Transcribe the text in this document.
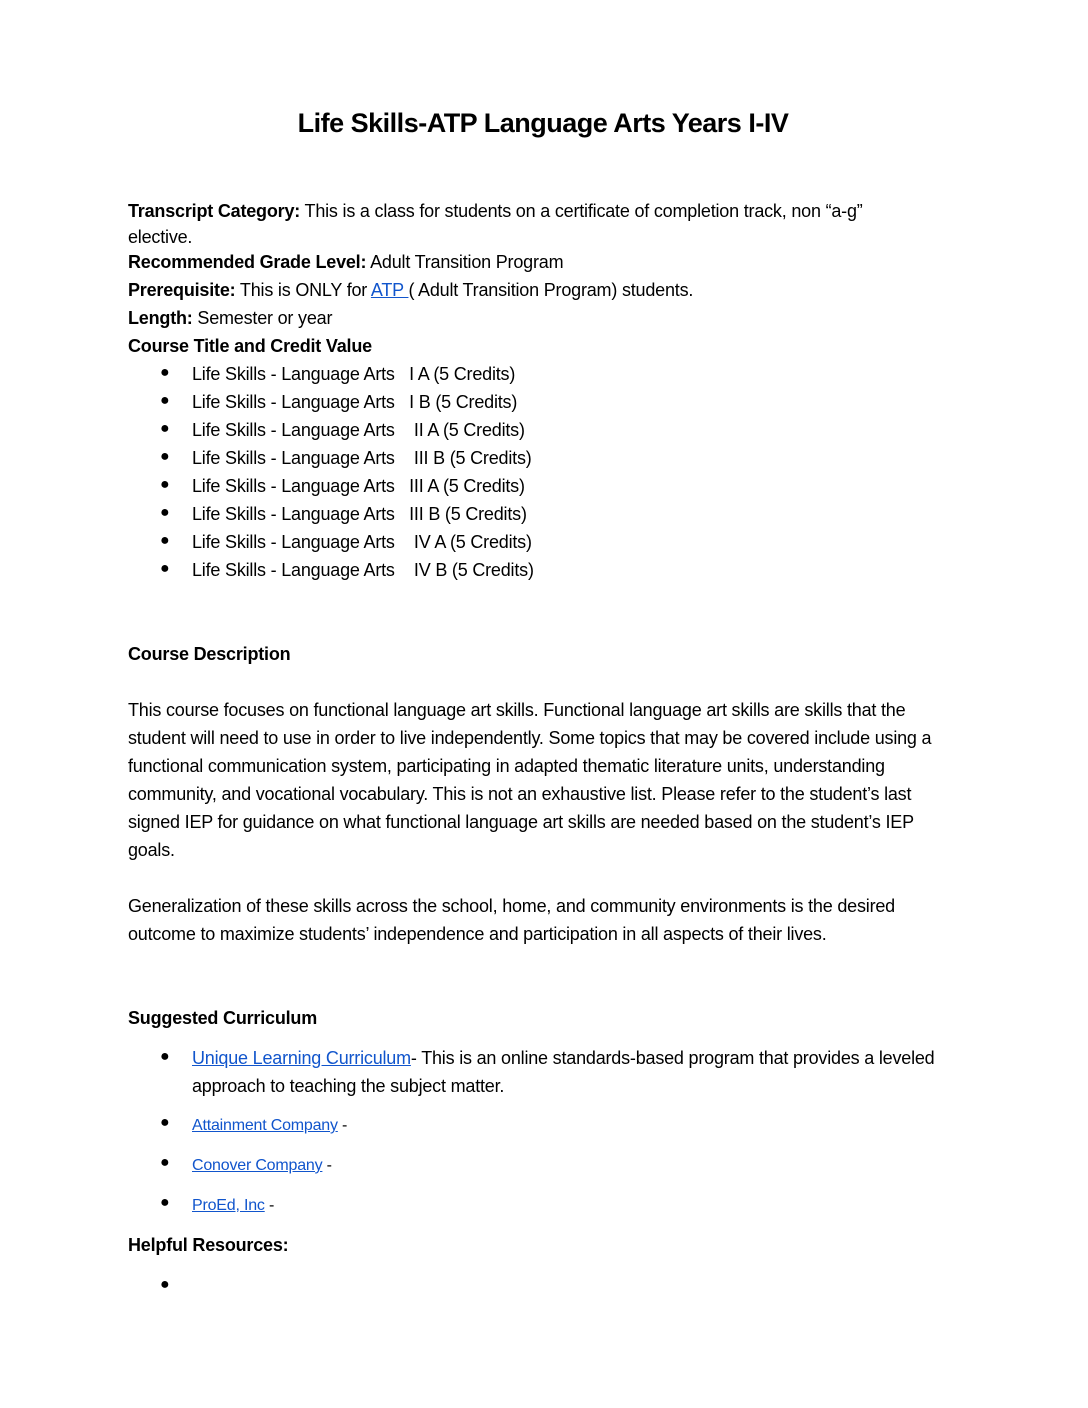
Life Skills-ATP Language Arts Years I-IV
Transcript Category: This is a class for students on a certificate of completion track, non “a-g”
elective.
Recommended Grade Level: Adult Transition Program
Prerequisite: This is ONLY for ATP ( Adult Transition Program) students.
Length: Semester or year
Course Title and Credit Value
● Life Skills - Language Arts   I A (5 Credits)
● Life Skills - Language Arts   I B (5 Credits)
● Life Skills - Language Arts    II A (5 Credits)
● Life Skills - Language Arts    III B (5 Credits)
● Life Skills - Language Arts   III A (5 Credits)
● Life Skills - Language Arts   III B (5 Credits)
● Life Skills - Language Arts    IV A (5 Credits)
● Life Skills - Language Arts    IV B (5 Credits)
Course Description

This course focuses on functional language art skills. Functional language art skills are skills that the student will need to use in order to live independently. Some topics that may be covered include using a functional communication system, participating in adapted thematic literature units, understanding community, and vocational vocabulary. This is not an exhaustive list. Please refer to the student’s last signed IEP for guidance on what functional language art skills are needed based on the student’s IEP goals.

Generalization of these skills across the school, home, and community environments is the desired outcome to maximize students’ independence and participation in all aspects of their lives.

Suggested Curriculum
● Unique Learning Curriculum- This is an online standards-based program that provides a leveled approach to teaching the subject matter.

● Attainment Company -
● Conover Company -
● ProEd, Inc -
Helpful Resources:
●
